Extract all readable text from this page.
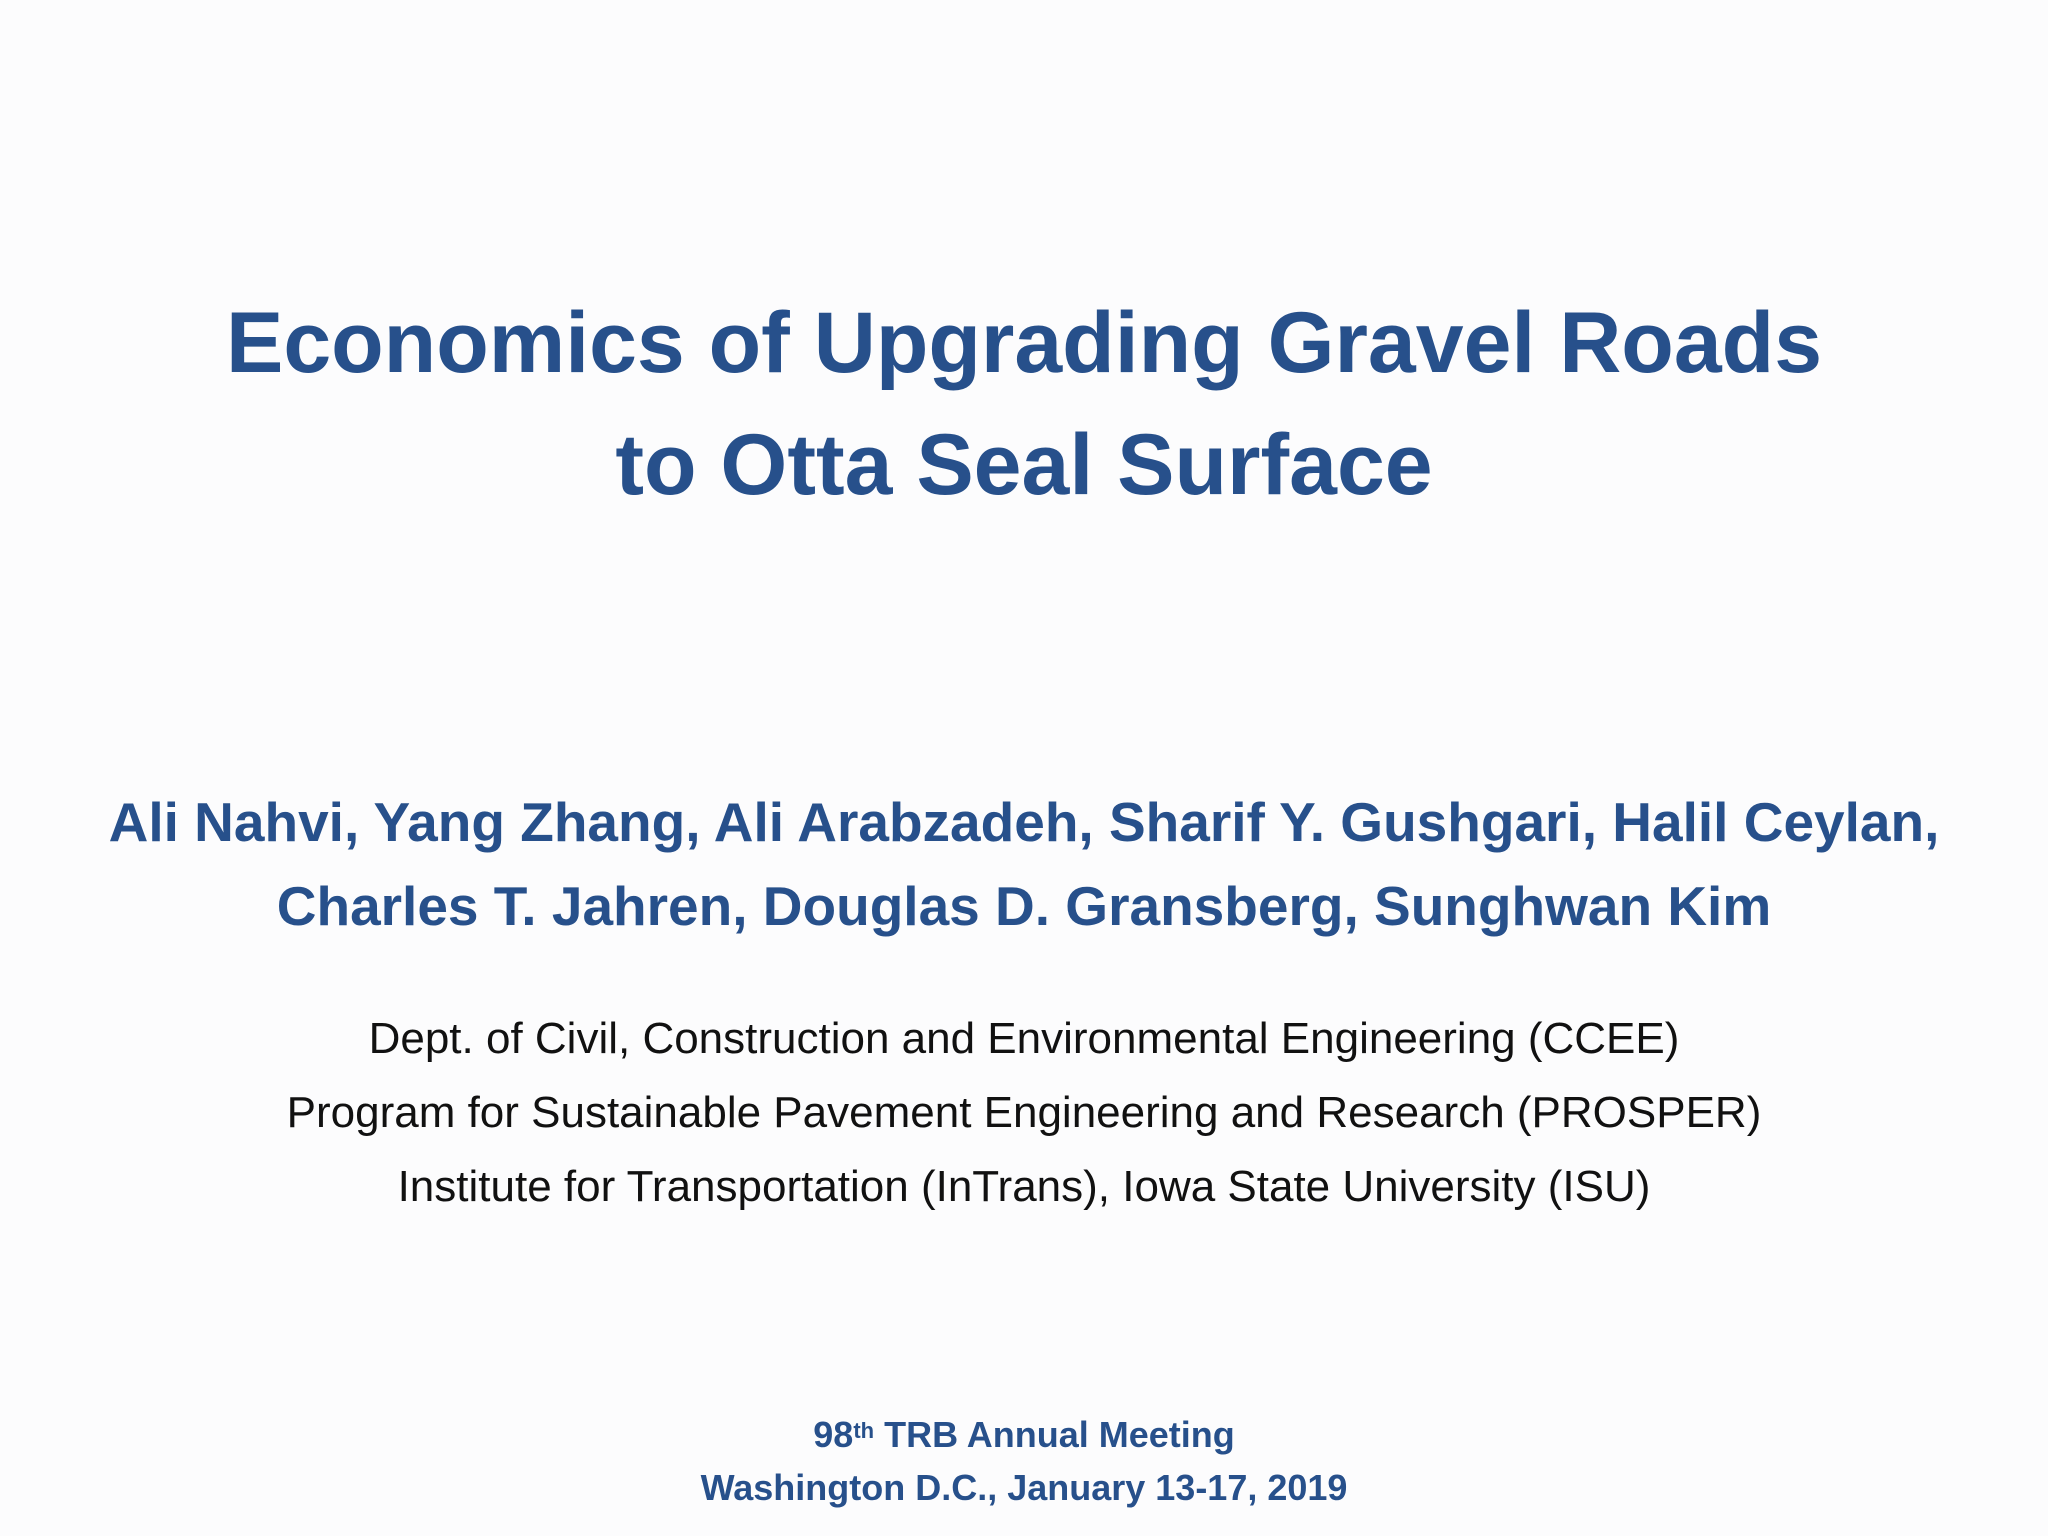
Economics of Upgrading Gravel Roads
to Otta Seal Surface
Ali Nahvi, Yang Zhang, Ali Arabzadeh, Sharif Y. Gushgari, Halil Ceylan,
Charles T. Jahren, Douglas D. Gransberg, Sunghwan Kim
Dept. of Civil, Construction and Environmental Engineering (CCEE)
Program for Sustainable Pavement Engineering and Research (PROSPER)
Institute for Transportation (InTrans), Iowa State University (ISU)
98th TRB Annual Meeting
Washington D.C., January 13-17, 2019
